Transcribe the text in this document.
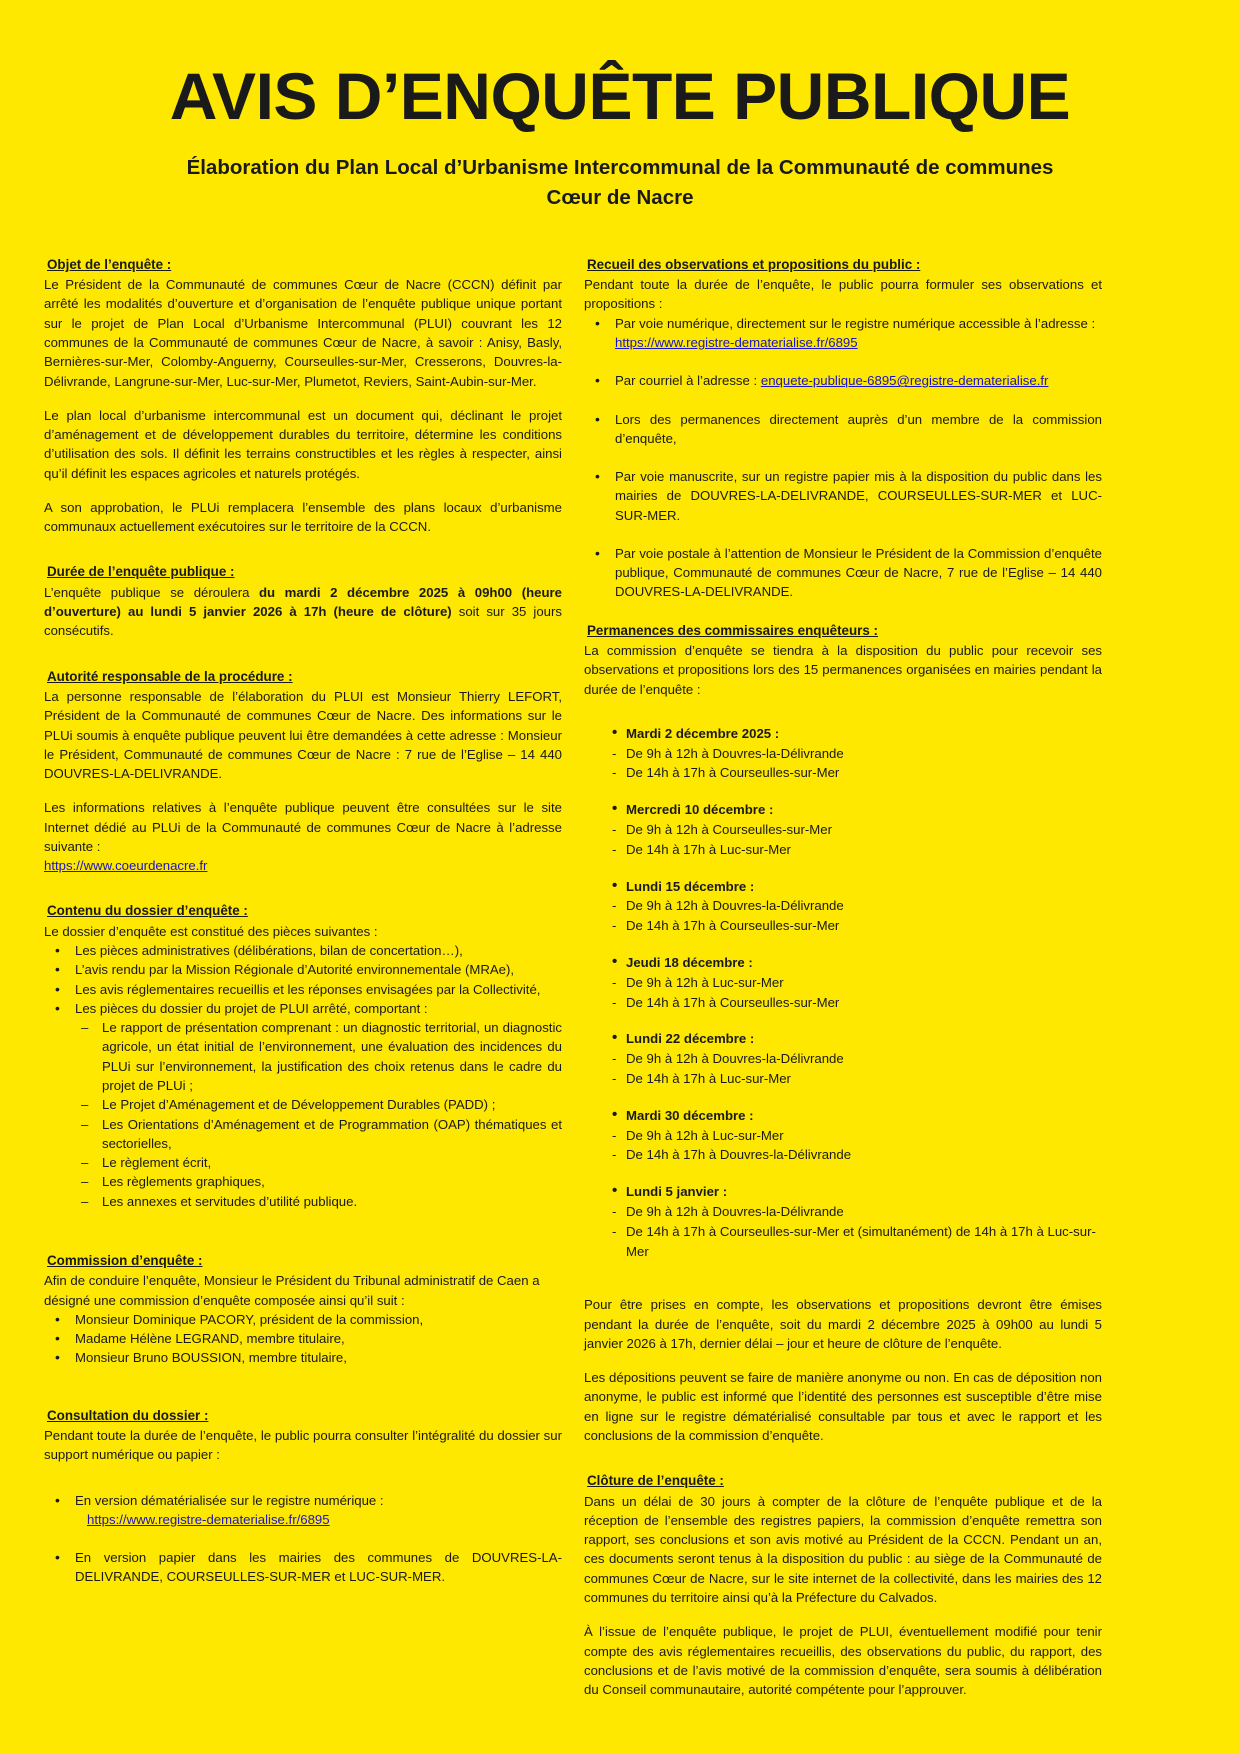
AVIS D’ENQUÊTE PUBLIQUE
Élaboration du Plan Local d’Urbanisme Intercommunal de la Communauté de communes
Cœur de Nacre
Objet de l’enquête :

Le Président de la Communauté de communes Cœur de Nacre (CCCN) définit par arrêté les modalités d’ouverture et d’organisation de l’enquête publique unique portant sur le projet de Plan Local d’Urbanisme Intercommunal (PLUI) couvrant les 12 communes de la Communauté de communes Cœur de Nacre, à savoir : Anisy, Basly, Bernières-sur-Mer, Colomby-Anguerny, Courseulles-sur-Mer, Cresserons, Douvres-la-Délivrande, Langrune-sur-Mer, Luc-sur-Mer, Plumetot, Reviers, Saint-Aubin-sur-Mer.

Le plan local d’urbanisme intercommunal est un document qui, déclinant le projet d’aménagement et de développement durables du territoire, détermine les conditions d’utilisation des sols. Il définit les terrains constructibles et les règles à respecter, ainsi qu’il définit les espaces agricoles et naturels protégés.

A son approbation, le PLUi remplacera l’ensemble des plans locaux d’urbanisme communaux actuellement exécutoires sur le territoire de la CCCN.

Durée de l’enquête publique :

L’enquête publique se déroulera du mardi 2 décembre 2025 à 09h00 (heure d’ouverture) au lundi 5 janvier 2026 à 17h (heure de clôture) soit sur 35 jours consécutifs.

Autorité responsable de la procédure :

La personne responsable de l’élaboration du PLUI est Monsieur Thierry LEFORT, Président de la Communauté de communes Cœur de Nacre. Des informations sur le PLUi soumis à enquête publique peuvent lui être demandées à cette adresse : Monsieur le Président, Communauté de communes Cœur de Nacre : 7 rue de l’Eglise – 14 440 DOUVRES-LA-DELIVRANDE.

Les informations relatives à l’enquête publique peuvent être consultées sur le site Internet dédié au PLUi de la Communauté de communes Cœur de Nacre à l’adresse suivante :

https://www.coeurdenacre.fr

Contenu du dossier d’enquête :

Le dossier d’enquête est constitué des pièces suivantes :

• Les pièces administratives (délibérations, bilan de concertation…),
• L’avis rendu par la Mission Régionale d’Autorité environnementale (MRAe),
• Les avis réglementaires recueillis et les réponses envisagées par la Collectivité,
• Les pièces du dossier du projet de PLUI arrêté, comportant :
– Le rapport de présentation comprenant : un diagnostic territorial, un diagnostic agricole, un état initial de l’environnement, une évaluation des incidences du PLUi sur l’environnement, la justification des choix retenus dans le cadre du projet de PLUi ;
– Le Projet d’Aménagement et de Développement Durables (PADD) ;
– Les Orientations d’Aménagement et de Programmation (OAP) thématiques et sectorielles,
– Le règlement écrit,
– Les règlements graphiques,
– Les annexes et servitudes d’utilité publique.
Commission d’enquête :

Afin de conduire l’enquête, Monsieur le Président du Tribunal administratif de Caen a désigné une commission d’enquête composée ainsi qu’il suit :

• Monsieur Dominique PACORY, président de la commission,
• Madame Hélène LEGRAND, membre titulaire,
• Monsieur Bruno BOUSSION, membre titulaire,
Consultation du dossier :

Pendant toute la durée de l’enquête, le public pourra consulter l’intégralité du dossier sur support numérique ou papier :

• En version dématérialisée sur le registre numérique :
https://www.registre-dematerialise.fr/6895
• En version papier dans les mairies des communes de DOUVRES-LA-DELIVRANDE, COURSEULLES-SUR-MER et LUC-SUR-MER.
Recueil des observations et propositions du public :

Pendant toute la durée de l’enquête, le public pourra formuler ses observations et propositions :

• Par voie numérique, directement sur le registre numérique accessible à l’adresse :
https://www.registre-dematerialise.fr/6895
• Par courriel à l’adresse : enquete-publique-6895@registre-dematerialise.fr
• Lors des permanences directement auprès d’un membre de la commission d’enquête,
• Par voie manuscrite, sur un registre papier mis à la disposition du public dans les mairies de DOUVRES-LA-DELIVRANDE, COURSEULLES-SUR-MER et LUC-SUR-MER.
• Par voie postale à l’attention de Monsieur le Président de la Commission d’enquête publique, Communauté de communes Cœur de Nacre, 7 rue de l’Eglise – 14 440 DOUVRES-LA-DELIVRANDE.
Permanences des commissaires enquêteurs :

La commission d’enquête se tiendra à la disposition du public pour recevoir ses observations et propositions lors des 15 permanences organisées en mairies pendant la durée de l’enquête :

• Mardi 2 décembre 2025 :
- De 9h à 12h à Douvres-la-Délivrande
- De 14h à 17h à Courseulles-sur-Mer
• Mercredi 10 décembre :
- De 9h à 12h à Courseulles-sur-Mer
- De 14h à 17h à Luc-sur-Mer
• Lundi 15 décembre :
- De 9h à 12h à Douvres-la-Délivrande
- De 14h à 17h à Courseulles-sur-Mer
• Jeudi 18 décembre :
- De 9h à 12h à Luc-sur-Mer
- De 14h à 17h à Courseulles-sur-Mer
• Lundi 22 décembre :
- De 9h à 12h à Douvres-la-Délivrande
- De 14h à 17h à Luc-sur-Mer
• Mardi 30 décembre :
- De 9h à 12h à Luc-sur-Mer
- De 14h à 17h à Douvres-la-Délivrande
• Lundi 5 janvier :
- De 9h à 12h à Douvres-la-Délivrande
- De 14h à 17h à Courseulles-sur-Mer et (simultanément) de 14h à 17h à Luc-sur-Mer

Pour être prises en compte, les observations et propositions devront être émises pendant la durée de l’enquête, soit du mardi 2 décembre 2025 à 09h00 au lundi 5 janvier 2026 à 17h, dernier délai – jour et heure de clôture de l’enquête.

Les dépositions peuvent se faire de manière anonyme ou non. En cas de déposition non anonyme, le public est informé que l’identité des personnes est susceptible d’être mise en ligne sur le registre dématérialisé consultable par tous et avec le rapport et les conclusions de la commission d’enquête.

Clôture de l’enquête :

Dans un délai de 30 jours à compter de la clôture de l’enquête publique et de la réception de l’ensemble des registres papiers, la commission d’enquête remettra son rapport, ses conclusions et son avis motivé au Président de la CCCN. Pendant un an, ces documents seront tenus à la disposition du public : au siège de la Communauté de communes Cœur de Nacre, sur le site internet de la collectivité, dans les mairies des 12 communes du territoire ainsi qu’à la Préfecture du Calvados.

À l’issue de l’enquête publique, le projet de PLUI, éventuellement modifié pour tenir compte des avis réglementaires recueillis, des observations du public, du rapport, des conclusions et de l’avis motivé de la commission d’enquête, sera soumis à délibération du Conseil communautaire, autorité compétente pour l’approuver.
